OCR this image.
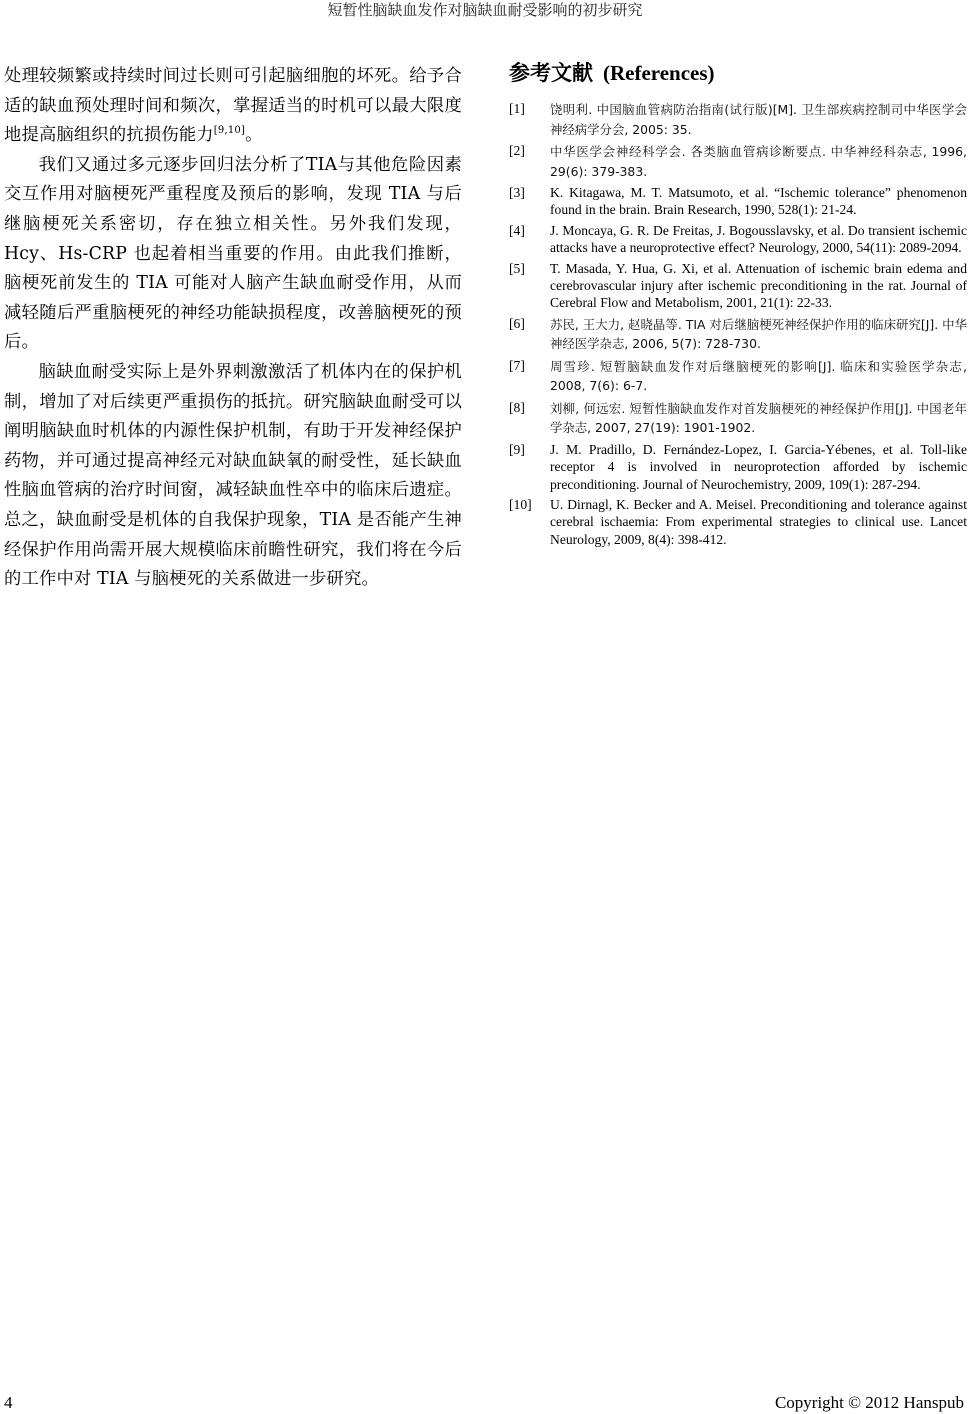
短暂性脑缺血发作对脑缺血耐受影响的初步研究

处理较频繁或持续时间过长则可引起脑细胞的坏死。给予合适的缺血预处理时间和频次，掌握适当的时机可以最大限度地提高脑组织的抗损伤能力[9,10]。

我们又通过多元逐步回归法分析了TIA与其他危险因素交互作用对脑梗死严重程度及预后的影响，发现 TIA 与后继脑梗死关系密切，存在独立相关性。另外我们发现，Hcy、Hs-CRP 也起着相当重要的作用。由此我们推断，脑梗死前发生的 TIA 可能对人脑产生缺血耐受作用，从而减轻随后严重脑梗死的神经功能缺损程度，改善脑梗死的预后。

脑缺血耐受实际上是外界刺激激活了机体内在的保护机制，增加了对后续更严重损伤的抵抗。研究脑缺血耐受可以阐明脑缺血时机体的内源性保护机制，有助于开发神经保护药物，并可通过提高神经元对缺血缺氧的耐受性，延长缺血性脑血管病的治疗时间窗，减轻缺血性卒中的临床后遗症。总之，缺血耐受是机体的自我保护现象，TIA 是否能产生神经保护作用尚需开展大规模临床前瞻性研究，我们将在今后的工作中对 TIA 与脑梗死的关系做进一步研究。

参考文献 (References)
[1]	饶明利. 中国脑血管病防治指南(试行版)[M]. 卫生部疾病控制司中华医学会神经病学分会, 2005: 35.
[2]	中华医学会神经科学会. 各类脑血管病诊断要点. 中华神经科杂志, 1996, 29(6): 379-383.
[3]	K. Kitagawa, M. T. Matsumoto, et al. “Ischemic tolerance” phenomenon found in the brain. Brain Research, 1990, 528(1): 21-24.
[4]	J. Moncaya, G. R. De Freitas, J. Bogousslavsky, et al. Do transient ischemic attacks have a neuroprotective effect? Neurology, 2000, 54(11): 2089-2094.
[5]	T. Masada, Y. Hua, G. Xi, et al. Attenuation of ischemic brain edema and cerebrovascular injury after ischemic preconditioning in the rat. Journal of Cerebral Flow and Metabolism, 2001, 21(1): 22-33.
[6]	苏民, 王大力, 赵晓晶等. TIA 对后继脑梗死神经保护作用的临床研究[J]. 中华神经医学杂志, 2006, 5(7): 728-730.
[7]	周雪珍. 短暂脑缺血发作对后继脑梗死的影响[J]. 临床和实验医学杂志, 2008, 7(6): 6-7.
[8]	刘柳, 何远宏. 短暂性脑缺血发作对首发脑梗死的神经保护作用[J]. 中国老年学杂志, 2007, 27(19): 1901-1902.
[9]	J. M. Pradillo, D. Fernández-Lopez, I. Garcia-Yébenes, et al. Toll-like receptor 4 is involved in neuroprotection afforded by ischemic preconditioning. Journal of Neurochemistry, 2009, 109(1): 287-294.
[10]	U. Dirnagl, K. Becker and A. Meisel. Preconditioning and tolerance against cerebral ischaemia: From experimental strategies to clinical use. Lancet Neurology, 2009, 8(4): 398-412.
4	Copyright © 2012 Hanspub
